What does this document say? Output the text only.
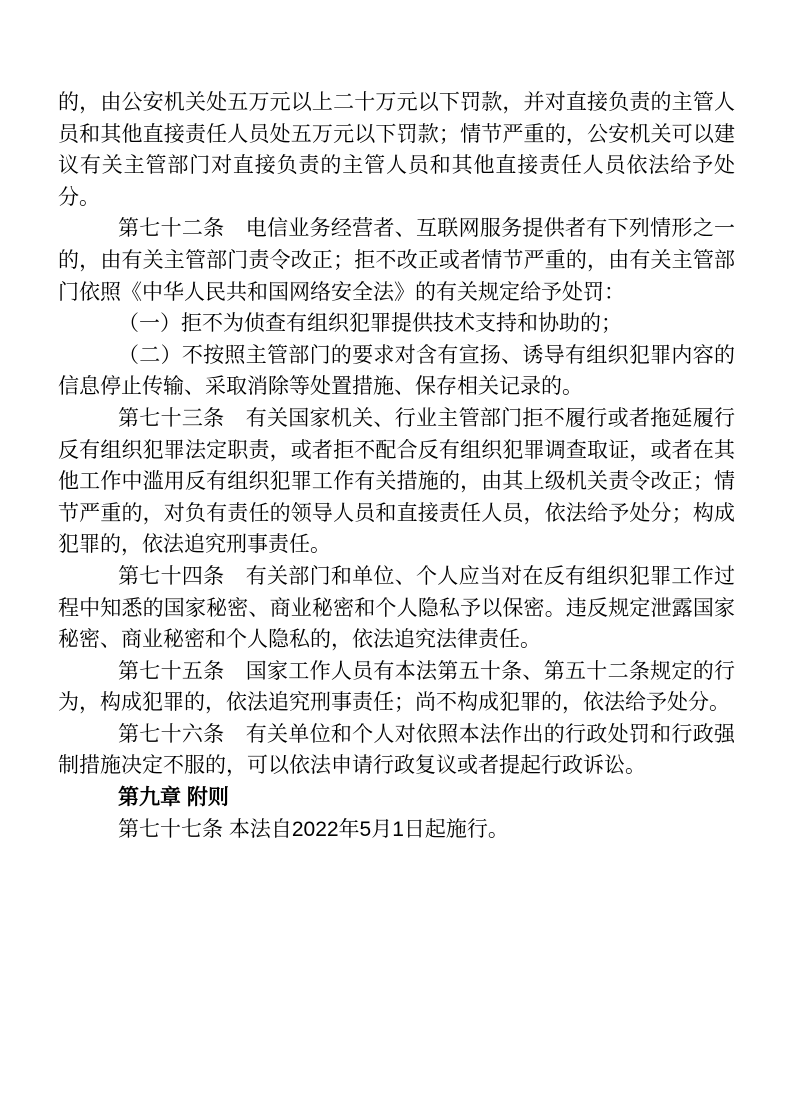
的，由公安机关处五万元以上二十万元以下罚款，并对直接负责的主管人员和其他直接责任人员处五万元以下罚款；情节严重的，公安机关可以建议有关主管部门对直接负责的主管人员和其他直接责任人员依法给予处分。

第七十二条　电信业务经营者、互联网服务提供者有下列情形之一的，由有关主管部门责令改正；拒不改正或者情节严重的，由有关主管部门依照《中华人民共和国网络安全法》的有关规定给予处罚：

（一）拒不为侦查有组织犯罪提供技术支持和协助的；

（二）不按照主管部门的要求对含有宣扬、诱导有组织犯罪内容的信息停止传输、采取消除等处置措施、保存相关记录的。

第七十三条　有关国家机关、行业主管部门拒不履行或者拖延履行反有组织犯罪法定职责，或者拒不配合反有组织犯罪调查取证，或者在其他工作中滥用反有组织犯罪工作有关措施的，由其上级机关责令改正；情节严重的，对负有责任的领导人员和直接责任人员，依法给予处分；构成犯罪的，依法追究刑事责任。

第七十四条　有关部门和单位、个人应当对在反有组织犯罪工作过程中知悉的国家秘密、商业秘密和个人隐私予以保密。违反规定泄露国家秘密、商业秘密和个人隐私的，依法追究法律责任。

第七十五条　国家工作人员有本法第五十条、第五十二条规定的行为，构成犯罪的，依法追究刑事责任；尚不构成犯罪的，依法给予处分。

第七十六条　有关单位和个人对依照本法作出的行政处罚和行政强制措施决定不服的，可以依法申请行政复议或者提起行政诉讼。

第九章 附则

第七十七条 本法自2022年5月1日起施行。
